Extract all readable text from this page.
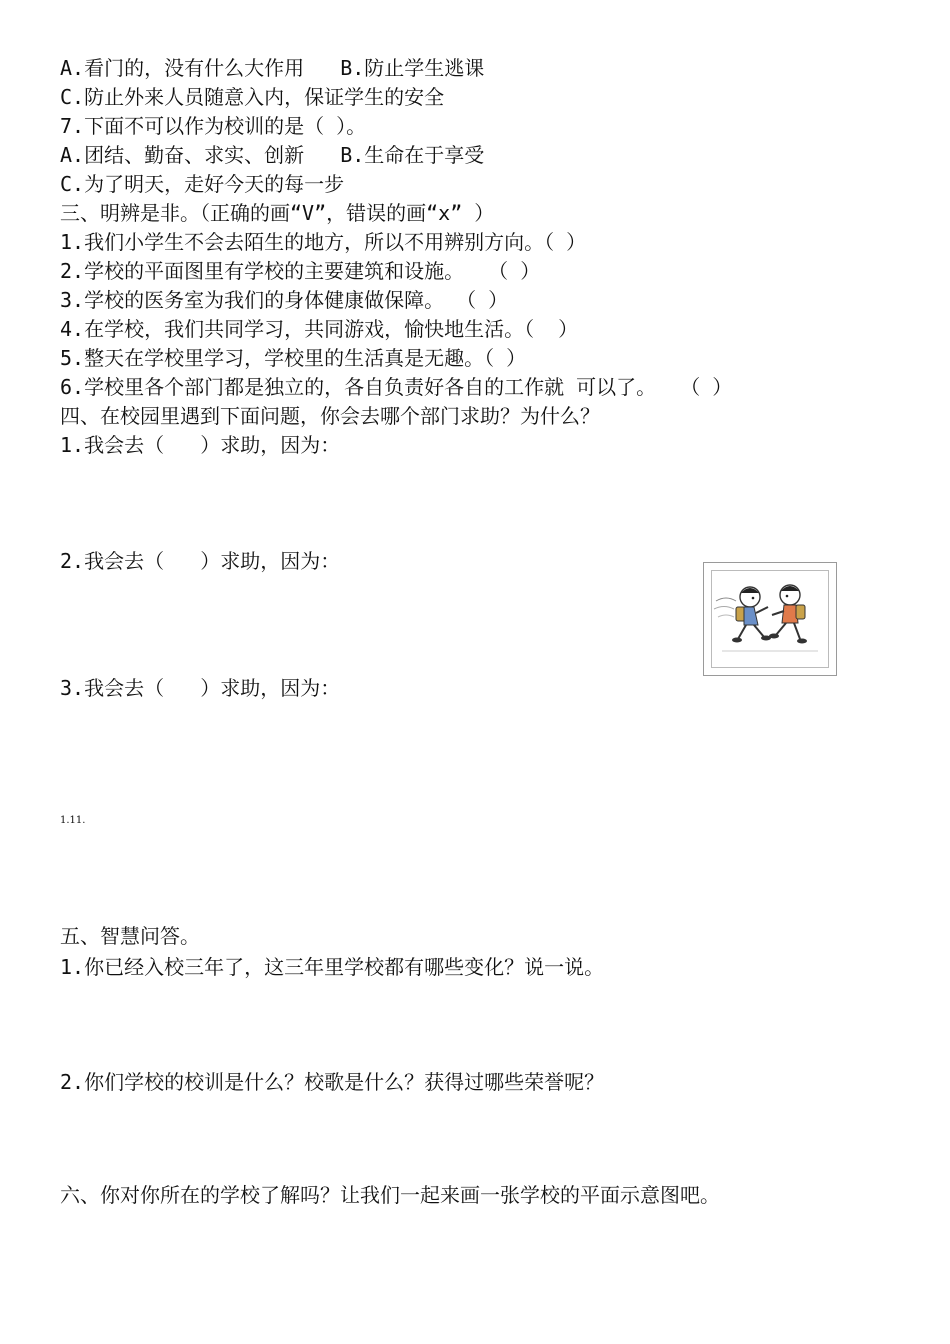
A.看门的，没有什么大作用   B.防止学生逃课
C.防止外来人员随意入内，保证学生的安全
7.下面不可以作为校训的是（ ）。
A.团结、勤奋、求实、创新   B.生命在于享受
C.为了明天，走好今天的每一步
三、明辨是非。（正确的画“V”，错误的画“x” ）
1.我们小学生不会去陌生的地方，所以不用辨别方向。（ ）
2.学校的平面图里有学校的主要建筑和设施。  （ ）
3.学校的医务室为我们的身体健康做保障。 （ ）
4.在学校，我们共同学习，共同游戏，愉快地生活。（  ）
5.整天在学校里学习，学校里的生活真是无趣。（ ）
6.学校里各个部门都是独立的，各自负责好各自的工作就 可以了。  （ ）
四、在校园里遇到下面问题，你会去哪个部门求助？为什么？
1.我会去（   ）求助，因为：
2.我会去（   ）求助，因为：
3.我会去（   ）求助，因为：
1.11.
五、智慧问答。
1.你已经入校三年了，这三年里学校都有哪些变化？说一说。
2.你们学校的校训是什么？校歌是什么？获得过哪些荣誉呢？
六、你对你所在的学校了解吗？让我们一起来画一张学校的平面示意图吧。
